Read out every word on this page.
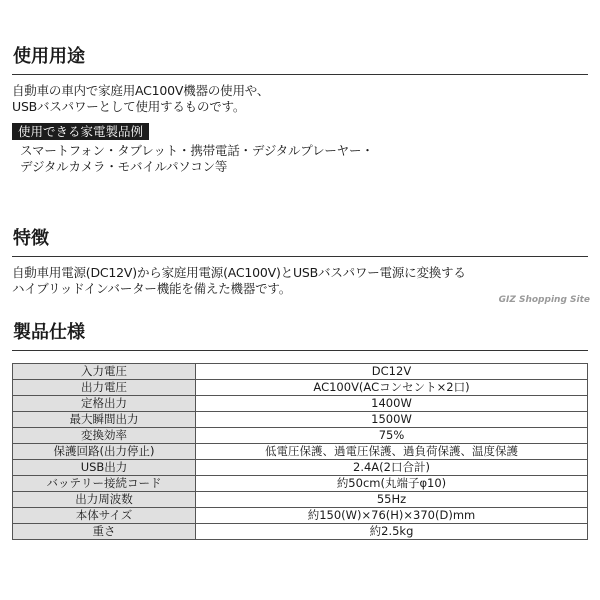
使用用途
自動車の車内で家庭用AC100V機器の使用や、
USBバスパワーとして使用するものです。
使用できる家電製品例
スマートフォン・タブレット・携帯電話・デジタルプレーヤー・
デジタルカメラ・モバイルパソコン等
特徴
自動車用電源(DC12V)から家庭用電源(AC100V)とUSBバスパワー電源に変換する
ハイブリッドインバーター機能を備えた機器です。
GIZ Shopping Site
製品仕様
入力電圧	DC12V
出力電圧	AC100V(ACコンセント×2口)
定格出力	1400W
最大瞬間出力	1500W
変換効率	75%
保護回路(出力停止)	低電圧保護、過電圧保護、過負荷保護、温度保護
USB出力	2.4A(2口合計)
バッテリー接続コード	約50cm(丸端子φ10)
出力周波数	55Hz
本体サイズ	約150(W)×76(H)×370(D)mm
重さ	約2.5kg
